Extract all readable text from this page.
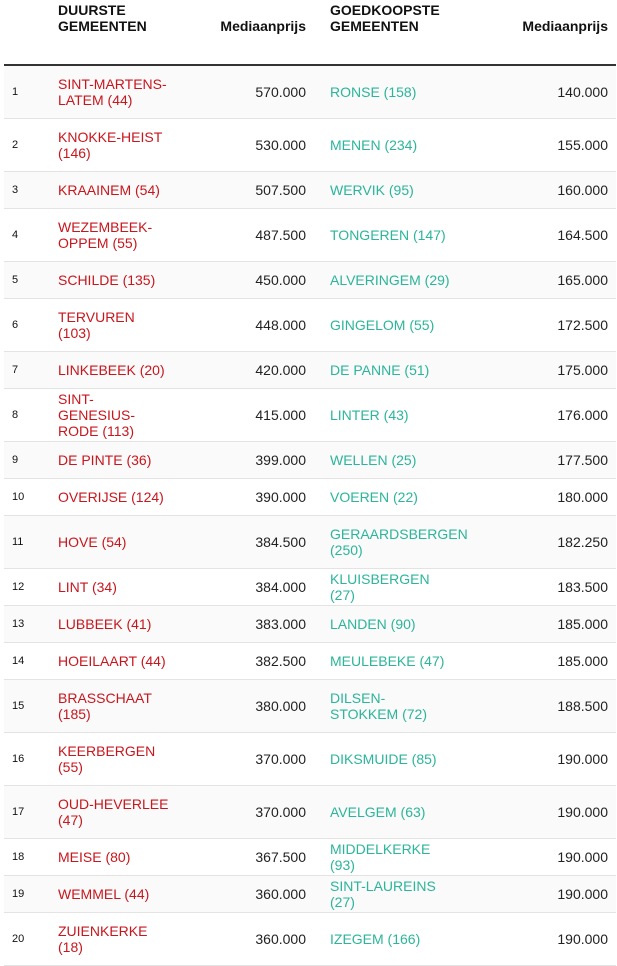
	DUURSTE GEMEENTEN	Mediaanprijs	GOEDKOOPSTE GEMEENTEN	Mediaanprijs
1	SINT-MARTENS-LATEM (44)	570.000	RONSE (158)	140.000
2	KNOKKE-HEIST (146)	530.000	MENEN (234)	155.000
3	KRAAINEM (54)	507.500	WERVIK (95)	160.000
4	WEZEMBEEK-OPPEM (55)	487.500	TONGEREN (147)	164.500
5	SCHILDE (135)	450.000	ALVERINGEM (29)	165.000
6	TERVUREN (103)	448.000	GINGELOM (55)	172.500
7	LINKEBEEK (20)	420.000	DE PANNE (51)	175.000
8	SINT-GENESIUS-RODE (113)	415.000	LINTER (43)	176.000
9	DE PINTE (36)	399.000	WELLEN (25)	177.500
10	OVERIJSE (124)	390.000	VOEREN (22)	180.000
11	HOVE (54)	384.500	GERAARDSBERGEN (250)	182.250
12	LINT (34)	384.000	KLUISBERGEN (27)	183.500
13	LUBBEEK (41)	383.000	LANDEN (90)	185.000
14	HOEILAART (44)	382.500	MEULEBEKE (47)	185.000
15	BRASSCHAAT (185)	380.000	DILSEN-STOKKEM (72)	188.500
16	KEERBERGEN (55)	370.000	DIKSMUIDE (85)	190.000
17	OUD-HEVERLEE (47)	370.000	AVELGEM (63)	190.000
18	MEISE (80)	367.500	MIDDELKERKE (93)	190.000
19	WEMMEL (44)	360.000	SINT-LAUREINS (27)	190.000
20	ZUIENKERKE (18)	360.000	IZEGEM (166)	190.000
